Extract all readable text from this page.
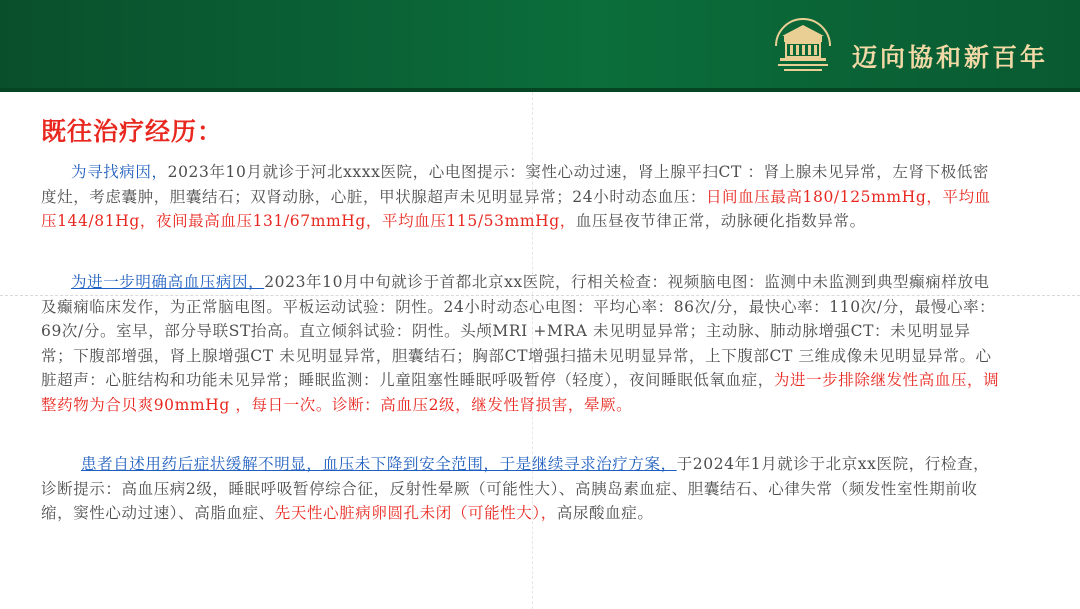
迈向協和新百年
既往治疗经历：

为寻找病因，2023年10月就诊于河北xxxx医院，心电图提示：窦性心动过速，肾上腺平扫CT ：肾上腺未见异常，左肾下极低密度灶，考虑囊肿，胆囊结石；双肾动脉，心脏，甲状腺超声未见明显异常；24小时动态血压：日间血压最高180/125mmHg，平均血压144/81Hg，夜间最高血压131/67mmHg，平均血压115/53mmHg，血压昼夜节律正常，动脉硬化指数异常。

为进一步明确高血压病因，2023年10月中旬就诊于首都北京xx医院，行相关检查：视频脑电图：监测中未监测到典型癫痫样放电及癫痫临床发作，为正常脑电图。平板运动试验：阴性。24小时动态心电图：平均心率：86次/分，最快心率：110次/分，最慢心率：69次/分。室早，部分导联ST抬高。直立倾斜试验：阴性。头颅MRI +MRA 未见明显异常；主动脉、肺动脉增强CT：未见明显异常；下腹部增强，肾上腺增强CT 未见明显异常，胆囊结石；胸部CT增强扫描未见明显异常，上下腹部CT 三维成像未见明显异常。心脏超声：心脏结构和功能未见异常；睡眠监测：儿童阻塞性睡眠呼吸暂停（轻度），夜间睡眠低氧血症，为进一步排除继发性高血压，调整药物为合贝爽90mmHg ，每日一次。诊断：高血压2级，继发性肾损害，晕厥。

患者自述用药后症状缓解不明显，血压未下降到安全范围，于是继续寻求治疗方案，于2024年1月就诊于北京xx医院，行检查，诊断提示：高血压病2级，睡眠呼吸暂停综合征，反射性晕厥（可能性大）、高胰岛素血症、胆囊结石、心律失常（频发性室性期前收缩，窦性心动过速）、高脂血症、先天性心脏病卵圆孔未闭（可能性大），高尿酸血症。
